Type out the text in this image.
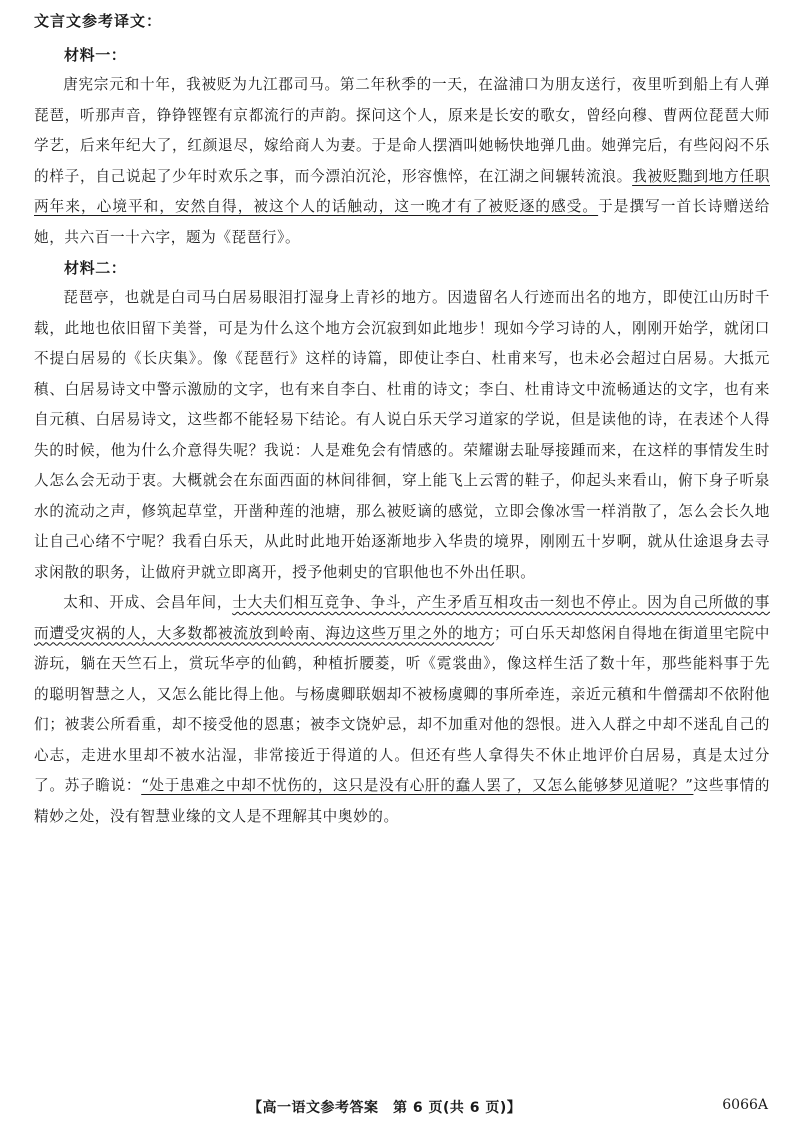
文言文参考译文：

材料一：

唐宪宗元和十年，我被贬为九江郡司马。第二年秋季的一天，在湓浦口为朋友送行，夜里听到船上有人弹琵琶，听那声音，铮铮铿铿有京都流行的声韵。探问这个人，原来是长安的歌女，曾经向穆、曹两位琵琶大师学艺，后来年纪大了，红颜退尽，嫁给商人为妻。于是命人摆酒叫她畅快地弹几曲。她弹完后，有些闷闷不乐的样子，自己说起了少年时欢乐之事，而今漂泊沉沦，形容憔悴，在江湖之间辗转流浪。我被贬黜到地方任职两年来，心境平和，安然自得，被这个人的话触动，这一晚才有了被贬逐的感受。于是撰写一首长诗赠送给她，共六百一十六字，题为《琵琶行》。

材料二：

琵琶亭，也就是白司马白居易眼泪打湿身上青衫的地方。因遗留名人行迹而出名的地方，即使江山历时千载，此地也依旧留下美誉，可是为什么这个地方会沉寂到如此地步！现如今学习诗的人，刚刚开始学，就闭口不提白居易的《长庆集》。像《琵琶行》这样的诗篇，即使让李白、杜甫来写，也未必会超过白居易。大抵元稹、白居易诗文中警示激励的文字，也有来自李白、杜甫的诗文；李白、杜甫诗文中流畅通达的文字，也有来自元稹、白居易诗文，这些都不能轻易下结论。有人说白乐天学习道家的学说，但是读他的诗，在表述个人得失的时候，他为什么介意得失呢？我说：人是难免会有情感的。荣耀谢去耻辱接踵而来，在这样的事情发生时人怎么会无动于衷。大概就会在东面西面的林间徘徊，穿上能飞上云霄的鞋子，仰起头来看山，俯下身子听泉水的流动之声，修筑起草堂，开凿种莲的池塘，那么被贬谪的感觉，立即会像冰雪一样消散了，怎么会长久地让自己心绪不宁呢？我看白乐天，从此时此地开始逐渐地步入华贵的境界，刚刚五十岁啊，就从仕途退身去寻求闲散的职务，让做府尹就立即离开，授予他刺史的官职他也不外出任职。

太和、开成、会昌年间，士大夫们相互竞争、争斗，产生矛盾互相攻击一刻也不停止。因为自己所做的事而遭受灾祸的人，大多数都被流放到岭南、海边这些万里之外的地方；可白乐天却悠闲自得地在街道里宅院中游玩，躺在天竺石上，赏玩华亭的仙鹤，种植折腰菱，听《霓裳曲》，像这样生活了数十年，那些能料事于先的聪明智慧之人，又怎么能比得上他。与杨虞卿联姻却不被杨虞卿的事所牵连，亲近元稹和牛僧孺却不依附他们；被裴公所看重，却不接受他的恩惠；被李文饶妒忌，却不加重对他的怨恨。进入人群之中却不迷乱自己的心志，走进水里却不被水沾湿，非常接近于得道的人。但还有些人拿得失不休止地评价白居易，真是太过分了。苏子瞻说：“处于患难之中却不忧伤的，这只是没有心肝的蠢人罢了，又怎么能够梦见道呢？”这些事情的精妙之处，没有智慧业缘的文人是不理解其中奥妙的。

【高一语文参考答案　第 6 页(共 6 页)】	6066A
